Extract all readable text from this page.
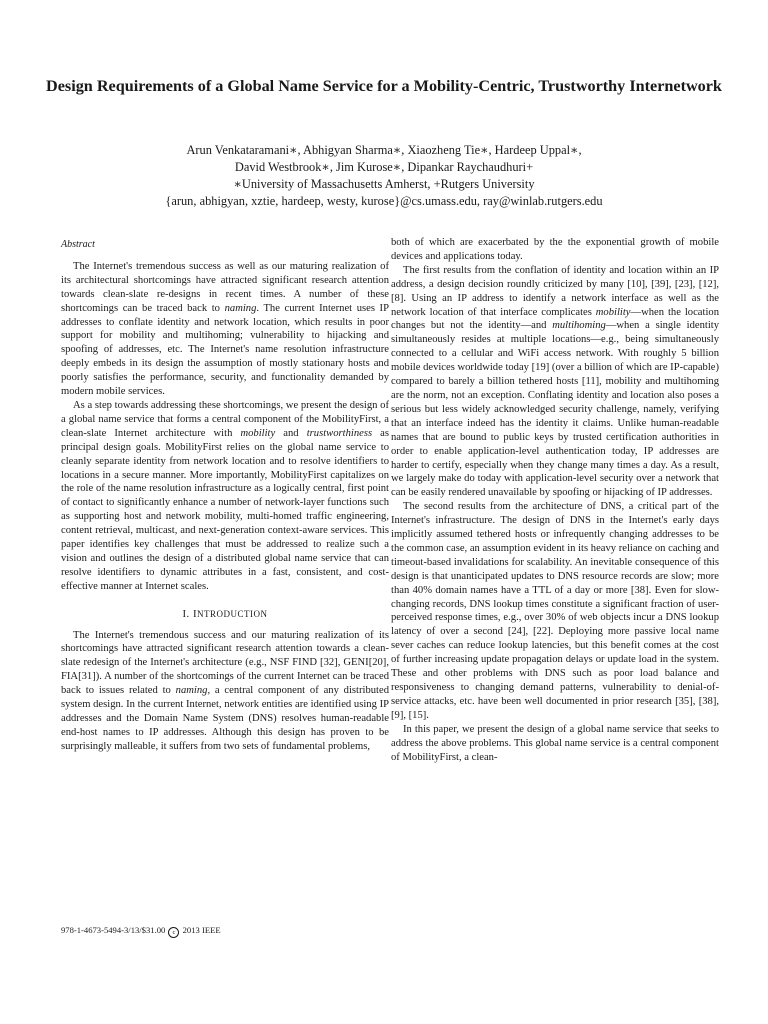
Design Requirements of a Global Name Service for a Mobility-Centric, Trustworthy Internetwork
Arun Venkataramani∗, Abhigyan Sharma∗, Xiaozheng Tie∗, Hardeep Uppal∗,
David Westbrook∗, Jim Kurose∗, Dipankar Raychaudhuri+
∗University of Massachusetts Amherst, +Rutgers University
{arun, abhigyan, xztie, hardeep, westy, kurose}@cs.umass.edu, ray@winlab.rutgers.edu
Abstract

The Internet's tremendous success as well as our maturing realization of its architectural shortcomings have attracted significant research attention towards clean-slate re-designs in recent times. A number of these shortcomings can be traced back to naming. The current Internet uses IP addresses to conflate identity and network location, which results in poor support for mobility and multihoming; vulnerability to hijacking and spoofing of addresses, etc. The Internet's name resolution infrastructure deeply embeds in its design the assumption of mostly stationary hosts and poorly satisfies the performance, security, and functionality demanded by modern mobile services.

As a step towards addressing these shortcomings, we present the design of a global name service that forms a central component of the MobilityFirst, a clean-slate Internet architecture with mobility and trustworthiness as principal design goals. MobilityFirst relies on the global name service to cleanly separate identity from network location and to resolve identifiers to locations in a secure manner. More importantly, MobilityFirst capitalizes on the role of the name resolution infrastructure as a logically central, first point of contact to significantly enhance a number of network-layer functions such as supporting host and network mobility, multi-homed traffic engineering, content retrieval, multicast, and next-generation context-aware services. This paper identifies key challenges that must be addressed to realize such a vision and outlines the design of a distributed global name service that can resolve identifiers to dynamic attributes in a fast, consistent, and cost-effective manner at Internet scales.

I. INTRODUCTION

The Internet's tremendous success and our maturing realization of its shortcomings have attracted significant research attention towards a clean-slate redesign of the Internet's architecture (e.g., NSF FIND [32], GENI[20], FIA[31]). A number of the shortcomings of the current Internet can be traced back to issues related to naming, a central component of any distributed system design. In the current Internet, network entities are identified using IP addresses and the Domain Name System (DNS) resolves human-readable end-host names to IP addresses. Although this design has proven to be surprisingly malleable, it suffers from two sets of fundamental problems,

both of which are exacerbated by the the exponential growth of mobile devices and applications today.

The first results from the conflation of identity and location within an IP address, a design decision roundly criticized by many [10], [39], [23], [12], [8]. Using an IP address to identify a network interface as well as the network location of that interface complicates mobility—when the location changes but not the identity—and multihoming—when a single identity simultaneously resides at multiple locations—e.g., being simultaneously connected to a cellular and WiFi access network. With roughly 5 billion mobile devices worldwide today [19] (over a billion of which are IP-capable) compared to barely a billion tethered hosts [11], mobility and multihoming are the norm, not an exception. Conflating identity and location also poses a serious but less widely acknowledged security challenge, namely, verifying that an interface indeed has the identity it claims. Unlike human-readable names that are bound to public keys by trusted certification authorities in order to enable application-level authentication today, IP addresses are harder to certify, especially when they change many times a day. As a result, we largely make do today with application-level security over a network that can be easily rendered unavailable by spoofing or hijacking of IP addresses.

The second results from the architecture of DNS, a critical part of the Internet's infrastructure. The design of DNS in the Internet's early days implicitly assumed tethered hosts or infrequently changing addresses to be the common case, an assumption evident in its heavy reliance on caching and timeout-based invalidations for scalability. An inevitable consequence of this design is that unanticipated updates to DNS resource records are slow; more than 40% domain names have a TTL of a day or more [38]. Even for slow-changing records, DNS lookup times constitute a significant fraction of user-perceived response times, e.g., over 30% of web objects incur a DNS lookup latency of over a second [24], [22]. Deploying more passive local name sever caches can reduce lookup latencies, but this benefit comes at the cost of further increasing update propagation delays or update load in the system. These and other problems with DNS such as poor load balance and responsiveness to changing demand patterns, vulnerability to denial-of-service attacks, etc. have been well documented in prior research [35], [38], [9], [15].

In this paper, we present the design of a global name service that seeks to address the above problems. This global name service is a central component of MobilityFirst, a clean-

978-1-4673-5494-3/13/$31.00 c 2013 IEEE
